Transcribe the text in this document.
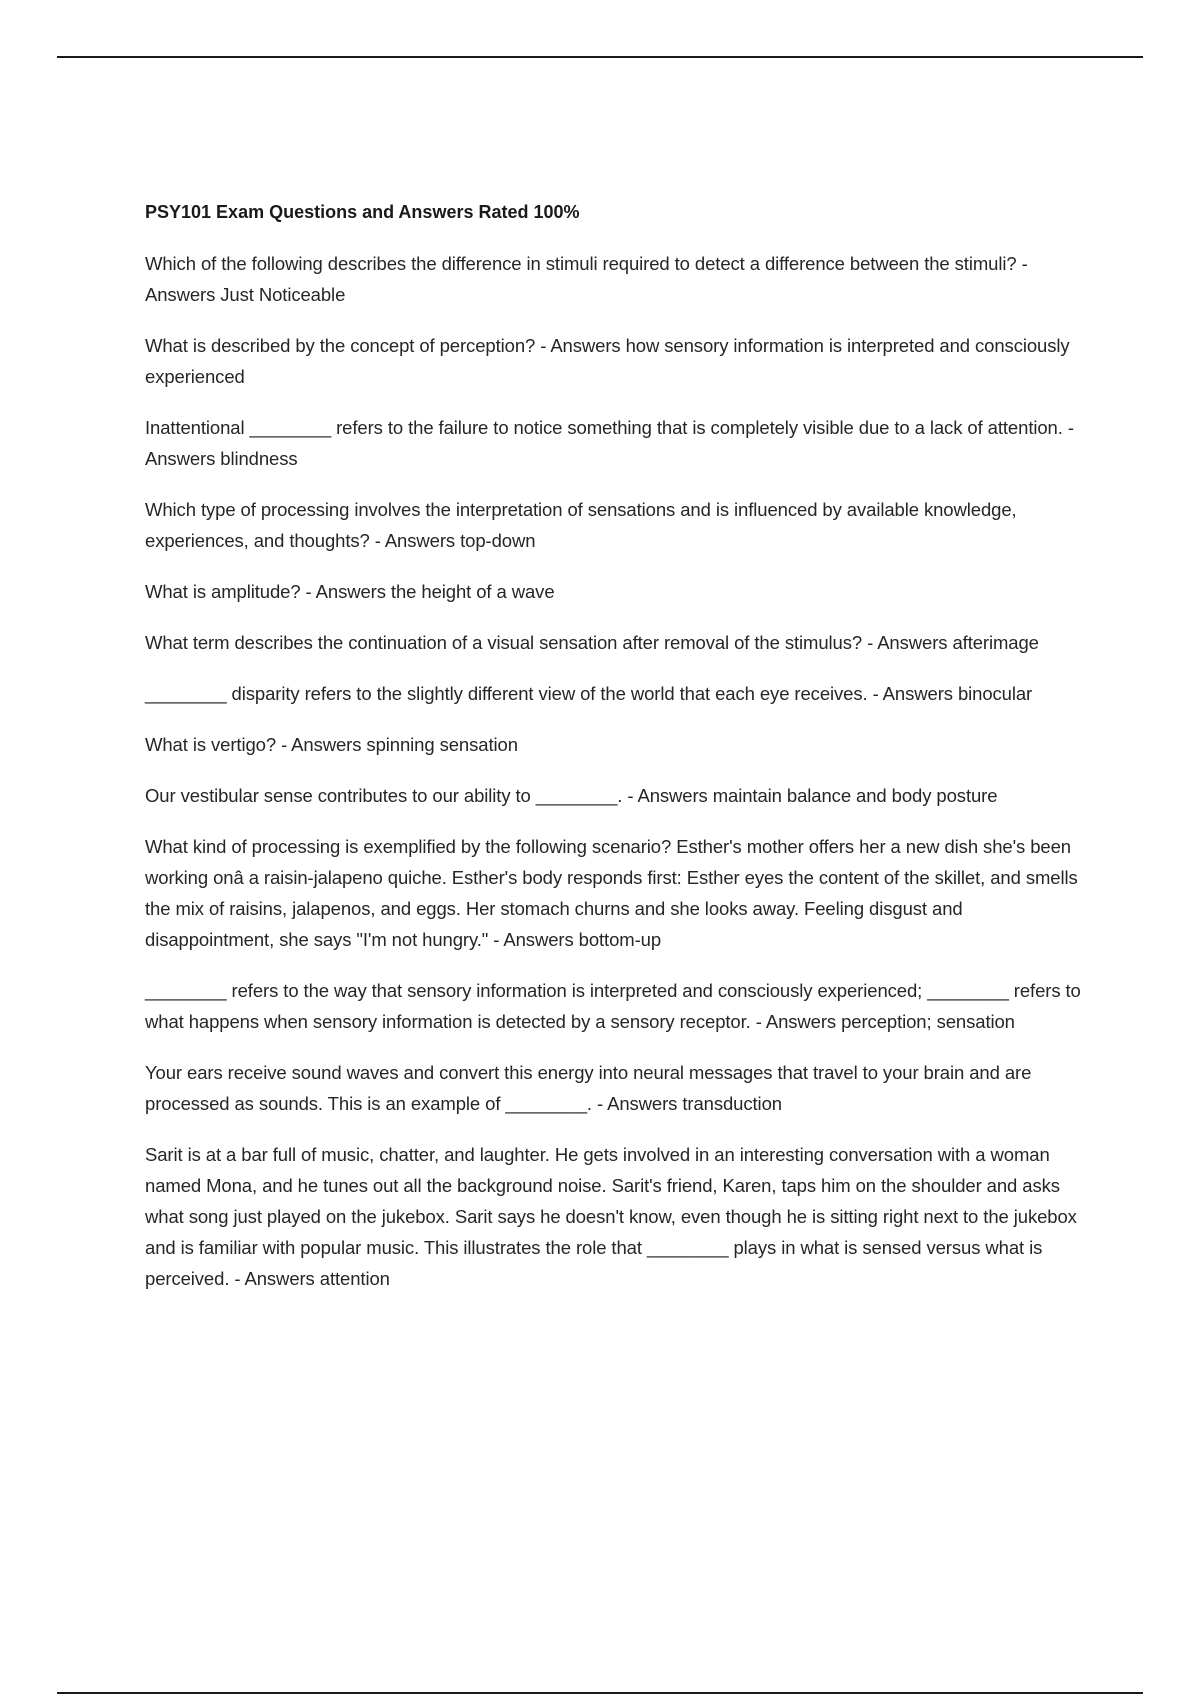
PSY101 Exam Questions and Answers Rated 100%

Which of the following describes the difference in stimuli required to detect a difference between the stimuli? - Answers Just Noticeable

What is described by the concept of perception? - Answers how sensory information is interpreted and consciously experienced

Inattentional ________ refers to the failure to notice something that is completely visible due to a lack of attention. - Answers blindness

Which type of processing involves the interpretation of sensations and is influenced by available knowledge, experiences, and thoughts? - Answers top-down

What is amplitude? - Answers the height of a wave

What term describes the continuation of a visual sensation after removal of the stimulus? - Answers afterimage

________ disparity refers to the slightly different view of the world that each eye receives. - Answers binocular

What is vertigo? - Answers spinning sensation

Our vestibular sense contributes to our ability to ________. - Answers maintain balance and body posture

What kind of processing is exemplified by the following scenario? Esther's mother offers her a new dish she's been working onâ a raisin-jalapeno quiche. Esther's body responds first: Esther eyes the content of the skillet, and smells the mix of raisins, jalapenos, and eggs. Her stomach churns and she looks away. Feeling disgust and disappointment, she says "I'm not hungry." - Answers bottom-up

________ refers to the way that sensory information is interpreted and consciously experienced; ________ refers to what happens when sensory information is detected by a sensory receptor. - Answers perception; sensation

Your ears receive sound waves and convert this energy into neural messages that travel to your brain and are processed as sounds. This is an example of ________. - Answers transduction

Sarit is at a bar full of music, chatter, and laughter. He gets involved in an interesting conversation with a woman named Mona, and he tunes out all the background noise. Sarit's friend, Karen, taps him on the shoulder and asks what song just played on the jukebox. Sarit says he doesn't know, even though he is sitting right next to the jukebox and is familiar with popular music. This illustrates the role that ________ plays in what is sensed versus what is perceived. - Answers attention
